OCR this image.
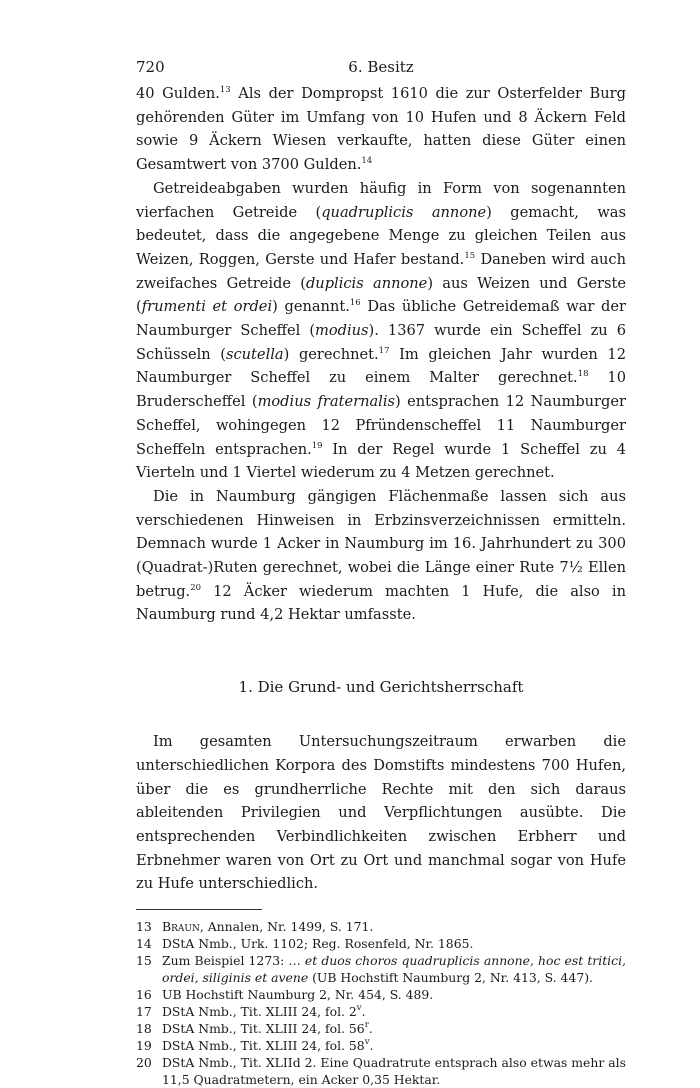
720	6. Besitz

40 Gulden.$^{13}$ Als der Dompropst 1610 die zur Osterfelder Burg gehörenden Güter im Umfang von 10 Hufen und 8 Äckern Feld sowie 9 Äckern Wiesen verkaufte, hatten diese Güter einen Gesamtwert von 3700 Gulden.$^{14}$

Getreideabgaben wurden häufig in Form von sogenannten vierfachen Getreide (quadruplicis annone) gemacht, was bedeutet, dass die angegebene Menge zu gleichen Teilen aus Weizen, Roggen, Gerste und Hafer bestand.$^{15}$ Daneben wird auch zweifaches Getreide (duplicis annone) aus Weizen und Gerste (frumenti et ordei) genannt.$^{16}$ Das übliche Getreidemaß war der Naumburger Scheffel (modius). 1367 wurde ein Scheffel zu 6 Schüsseln (scutella) gerechnet.$^{17}$ Im gleichen Jahr wurden 12 Naumburger Scheffel zu einem Malter gerechnet.$^{18}$ 10 Bruderscheffel (modius fraternalis) entsprachen 12 Naumburger Scheffel, wohingegen 12 Pfründenscheffel 11 Naumburger Scheffeln entsprachen.$^{19}$ In der Regel wurde 1 Scheffel zu 4 Vierteln und 1 Viertel wiederum zu 4 Metzen gerechnet.

Die in Naumburg gängigen Flächenmaße lassen sich aus verschiedenen Hinweisen in Erbzinsverzeichnissen ermitteln. Demnach wurde 1 Acker in Naumburg im 16. Jahrhundert zu 300 (Quadrat-)Ruten gerechnet, wobei die Länge einer Rute 7½ Ellen betrug.$^{20}$ 12 Äcker wiederum machten 1 Hufe, die also in Naumburg rund 4,2 Hektar umfasste.

1. Die Grund- und Gerichtsherrschaft

Im gesamten Untersuchungszeitraum erwarben die unterschiedlichen Korpora des Domstifts mindestens 700 Hufen, über die es grundherrliche Rechte mit den sich daraus ableitenden Privilegien und Verpflichtungen ausübte. Die entsprechenden Verbindlichkeiten zwischen Erbherr und Erbnehmer waren von Ort zu Ort und manchmal sogar von Hufe zu Hufe unterschiedlich.

13 Braun, Annalen, Nr. 1499, S. 171.
14 DStA Nmb., Urk. 1102; Reg. Rosenfeld, Nr. 1865.
15 Zum Beispiel 1273: … et duos choros quadruplicis annone, hoc est tritici, ordei, siliginis et avene (UB Hochstift Naumburg 2, Nr. 413, S. 447).
16 UB Hochstift Naumburg 2, Nr. 454, S. 489.
17 DStA Nmb., Tit. XLIII 24, fol. 2$^v$.
18 DStA Nmb., Tit. XLIII 24, fol. 56$^r$.
19 DStA Nmb., Tit. XLIII 24, fol. 58$^v$.
20 DStA Nmb., Tit. XLIId 2. Eine Quadratrute entsprach also etwas mehr als 11,5 Quadratmetern, ein Acker 0,35 Hektar.
